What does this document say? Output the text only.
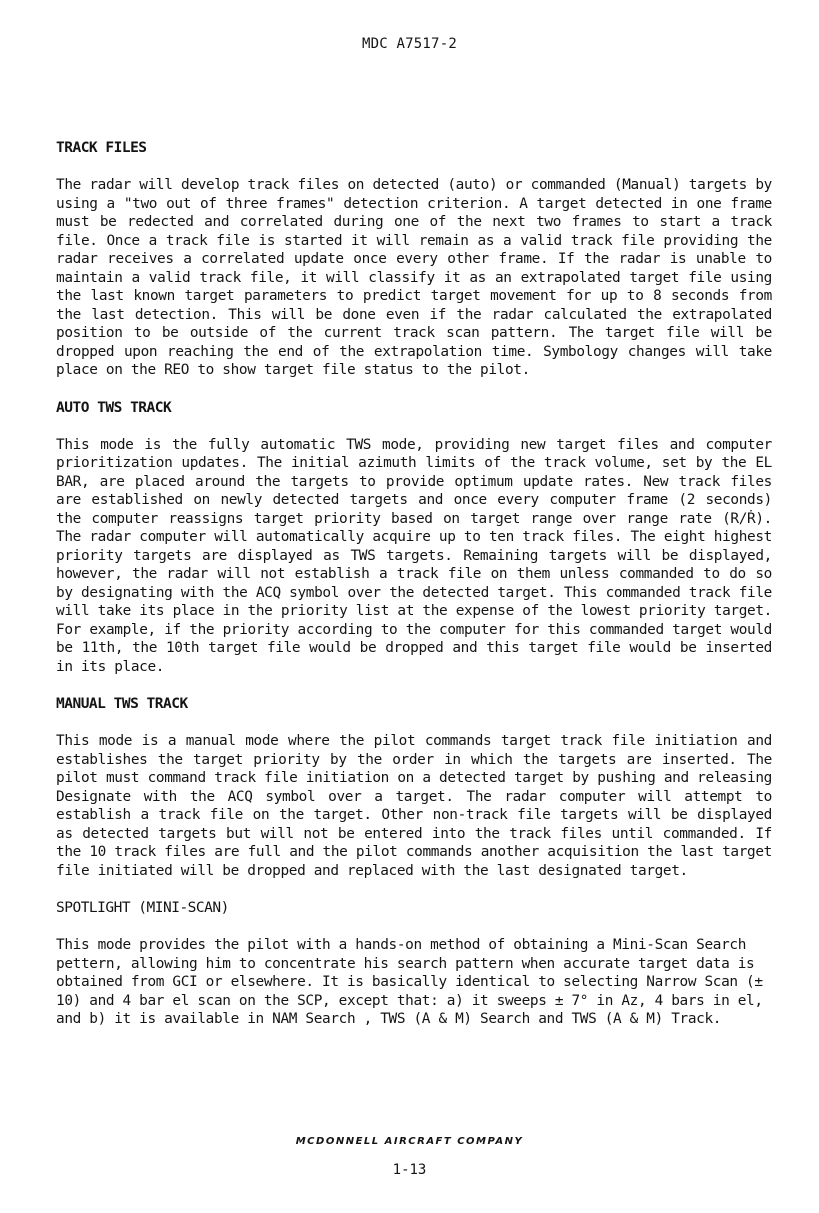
MDC A7517-2
TRACK FILES

The radar will develop track files on detected (auto) or commanded (Manual) targets by using a "two out of three frames" detection criterion. A target detected in one frame must be redected and correlated during one of the next two frames to start a track file. Once a track file is started it will remain as a valid track file providing the radar receives a correlated update once every other frame. If the radar is unable to maintain a valid track file, it will classify it as an extrapolated target file using the last known target parameters to predict target movement for up to 8 seconds from the last detection. This will be done even if the radar calculated the extrapolated position to be outside of the current track scan pattern. The target file will be dropped upon reaching the end of the extrapolation time. Symbology changes will take place on the REO to show target file status to the pilot.

AUTO TWS TRACK

This mode is the fully automatic TWS mode, providing new target files and computer prioritization updates. The initial azimuth limits of the track volume, set by the EL BAR, are placed around the targets to provide optimum update rates. New track files are established on newly detected targets and once every computer frame (2 seconds) the computer reassigns target priority based on target range over range rate (R/Ṙ). The radar computer will automatically acquire up to ten track files. The eight highest priority targets are displayed as TWS targets. Remaining targets will be displayed, however, the radar will not establish a track file on them unless commanded to do so by designating with the ACQ symbol over the detected target. This commanded track file will take its place in the priority list at the expense of the lowest priority target. For example, if the priority according to the computer for this commanded target would be 11th, the 10th target file would be dropped and this target file would be inserted in its place.

MANUAL TWS TRACK

This mode is a manual mode where the pilot commands target track file initiation and establishes the target priority by the order in which the targets are inserted. The pilot must command track file initiation on a detected target by pushing and releasing Designate with the ACQ symbol over a target. The radar computer will attempt to establish a track file on the target. Other non-track file targets will be displayed as detected targets but will not be entered into the track files until commanded. If the 10 track files are full and the pilot commands another acquisition the last target file initiated will be dropped and replaced with the last designated target.

SPOTLIGHT (MINI-SCAN)

This mode provides the pilot with a hands-on method of obtaining a Mini-Scan Search pettern, allowing him to concentrate his search pattern when accurate target data is obtained from GCI or elsewhere. It is basically identical to selecting Narrow Scan (± 10) and 4 bar el scan on the SCP, except that: a) it sweeps ± 7° in Az, 4 bars in el, and b) it is available in NAM Search , TWS (A & M) Search and TWS (A & M) Track.

MCDONNELL AIRCRAFT COMPANY
1-13
